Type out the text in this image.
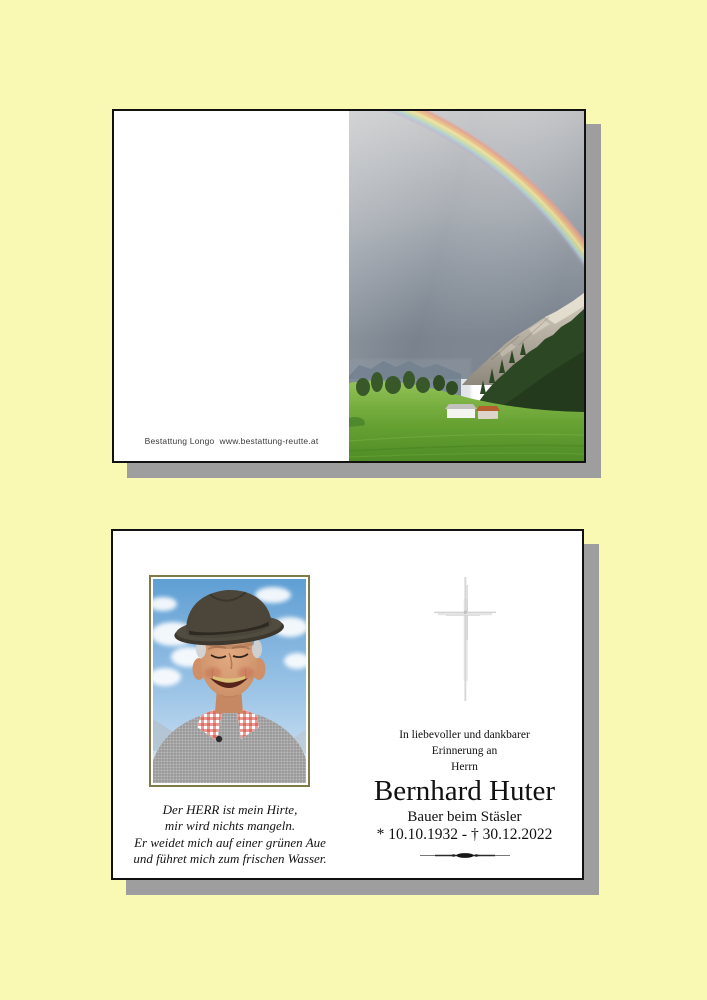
Bestattung Longo  www.bestattung-reutte.at

Der HERR ist mein Hirte,

mir wird nichts mangeln.

Er weidet mich auf einer grünen Aue

und führet mich zum frischen Wasser.

In liebevoller und dankbarer

Erinnerung an

Herrn

Bernhard Huter

Bauer beim Stäsler

* 10.10.1932 - † 30.12.2022
